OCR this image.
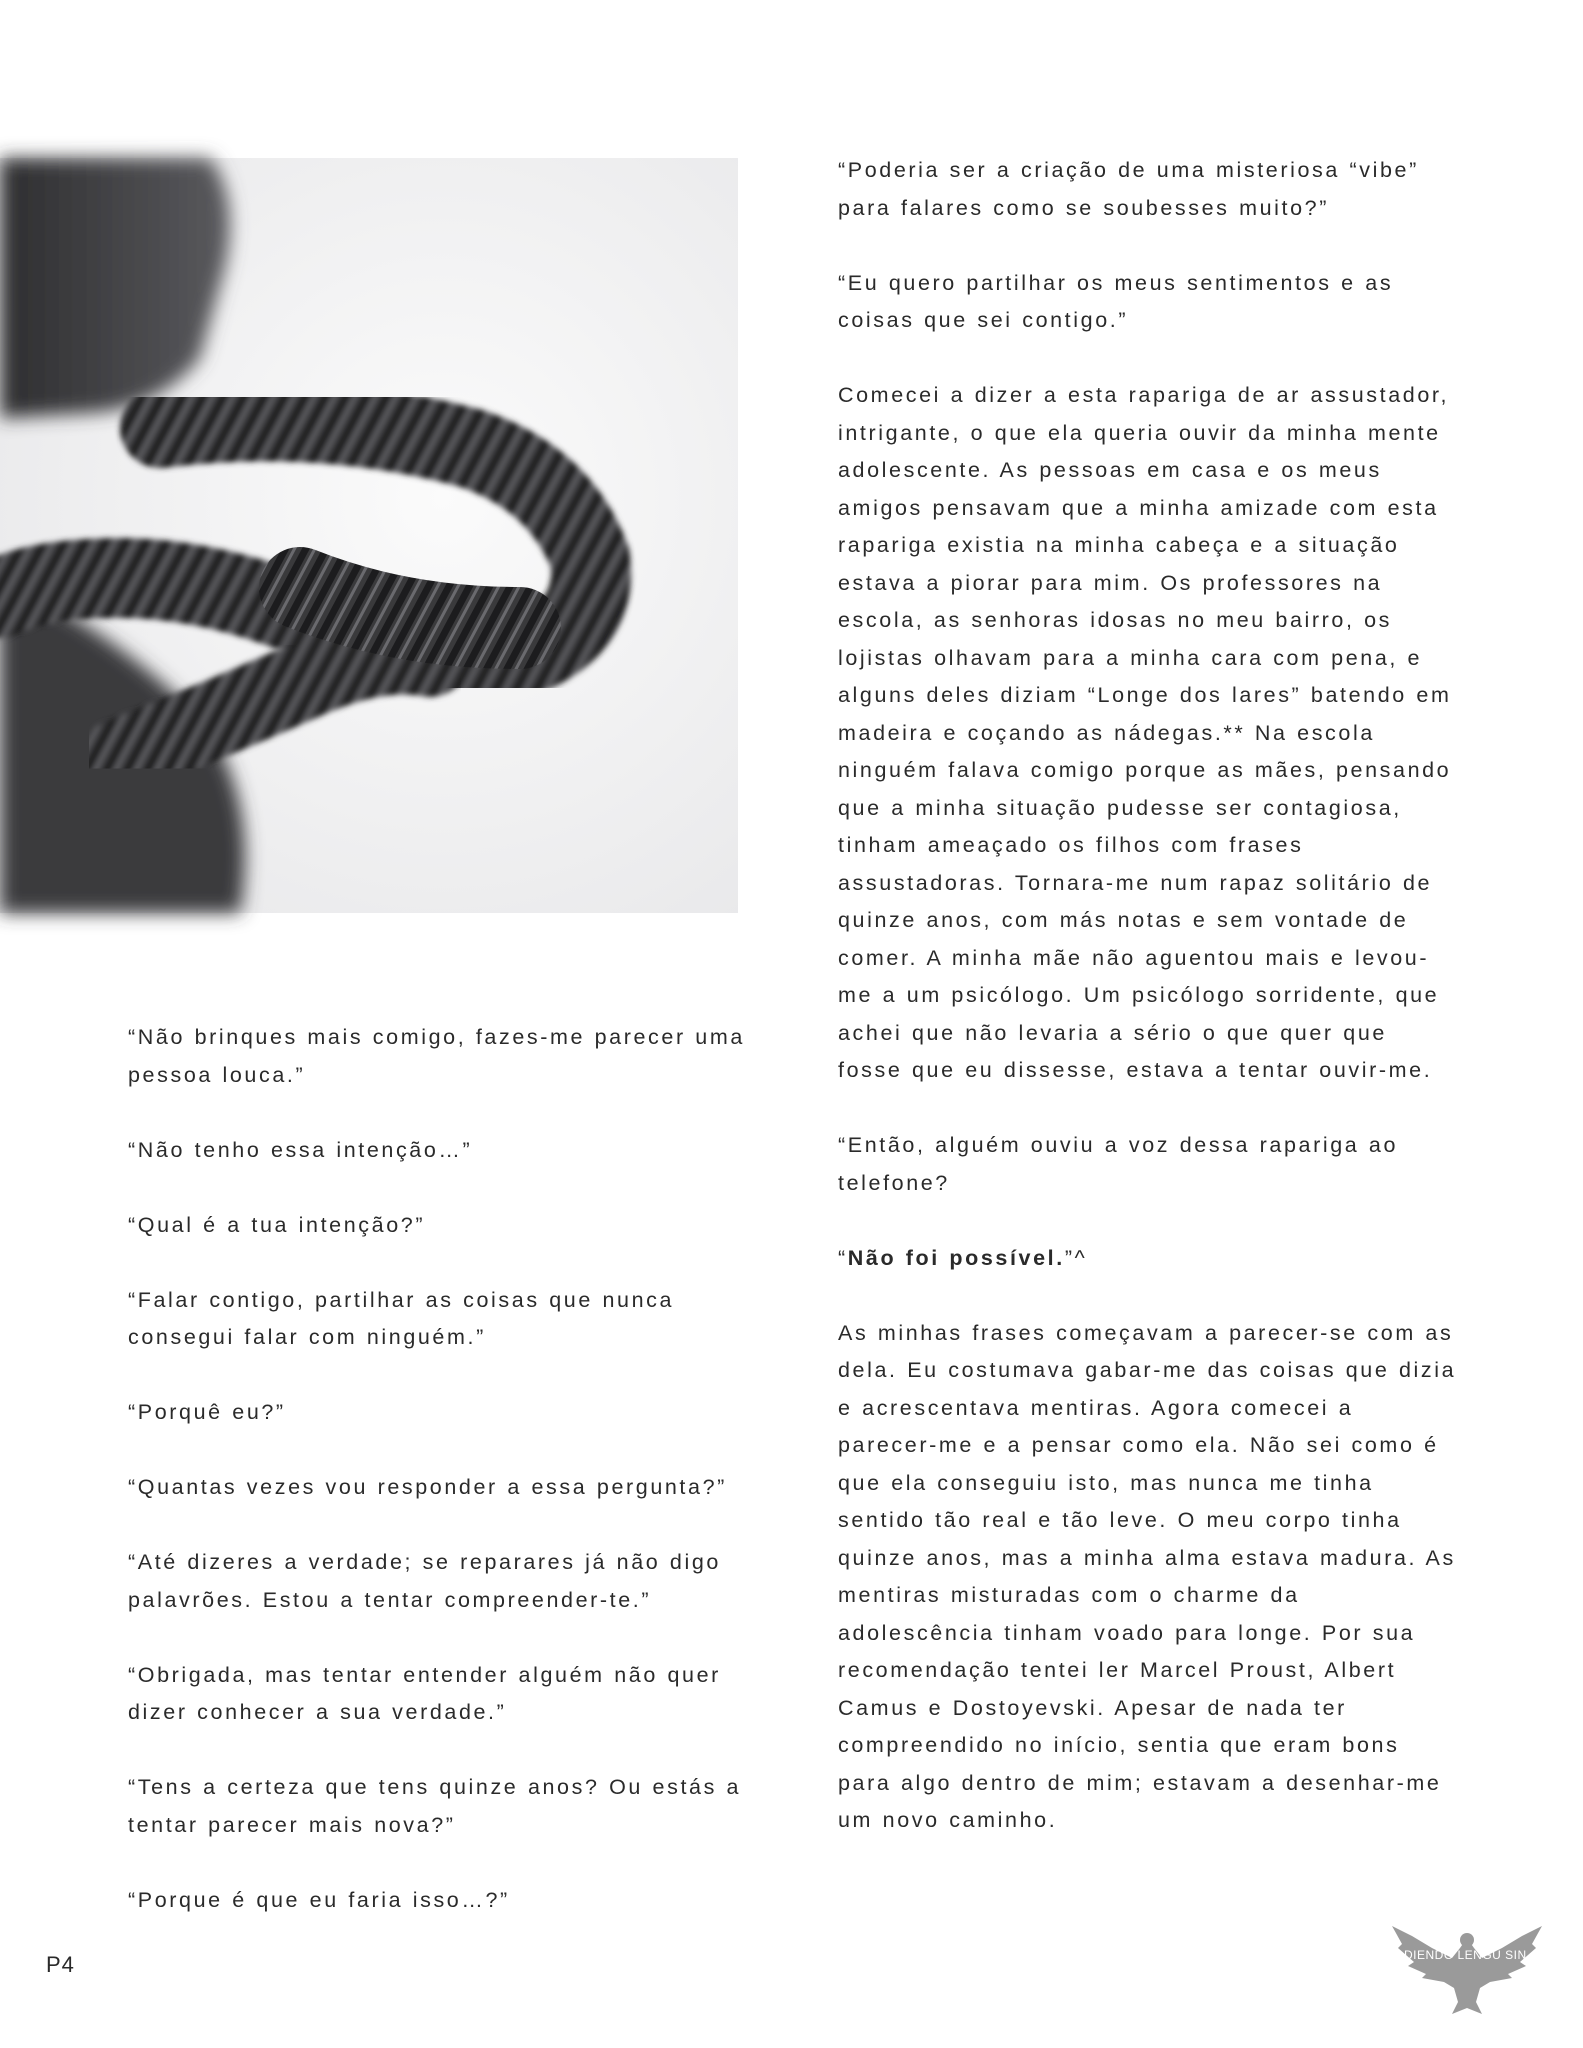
“Não brinques mais comigo, fazes-me parecer uma pessoa louca.”

“Não tenho essa intenção…”

“Qual é a tua intenção?”

“Falar contigo, partilhar as coisas que nunca consegui falar com ninguém.”

“Porquê eu?”

“Quantas vezes vou responder a essa pergunta?”

“Até dizeres a verdade; se reparares já não digo palavrões. Estou a tentar compreender-te.”

“Obrigada, mas tentar entender alguém não quer dizer conhecer a sua verdade.”

“Tens a certeza que tens quinze anos? Ou estás a tentar parecer mais nova?”

“Porque é que eu faria isso…?”

“Poderia ser a criação de uma misteriosa “vibe” para falares como se soubesses muito?”

“Eu quero partilhar os meus sentimentos e as coisas que sei contigo.”

Comecei a dizer a esta rapariga de ar assustador, intrigante, o que ela queria ouvir da minha mente adolescente. As pessoas em casa e os meus amigos pensavam que a minha amizade com esta rapariga existia na minha cabeça e a situação estava a piorar para mim. Os professores na escola, as senhoras idosas no meu bairro, os lojistas olhavam para a minha cara com pena, e alguns deles diziam “Longe dos lares” batendo em madeira e coçando as nádegas.** Na escola ninguém falava comigo porque as mães, pensando que a minha situação pudesse ser contagiosa, tinham ameaçado os filhos com frases assustadoras. Tornara-me num rapaz solitário de quinze anos, com más notas e sem vontade de comer. A minha mãe não aguentou mais e levou-me a um psicólogo. Um psicólogo sorridente, que achei que não levaria a sério o que quer que fosse que eu dissesse, estava a tentar ouvir-me.

“Então, alguém ouviu a voz dessa rapariga ao telefone?

“Não foi possível.”^

As minhas frases começavam a parecer-se com as dela. Eu costumava gabar-me das coisas que dizia e acrescentava mentiras. Agora comecei a parecer-me e a pensar como ela. Não sei como é que ela conseguiu isto, mas nunca me tinha sentido tão real e tão leve. O meu corpo tinha quinze anos, mas a minha alma estava madura. As mentiras misturadas com o charme da adolescência tinham voado para longe. Por sua recomendação tentei ler Marcel Proust, Albert Camus e Dostoyevski. Apesar de nada ter compreendido no início, sentia que eram bons para algo dentro de mim; estavam a desenhar-me um novo caminho.

P4	DIENDO LENGU SIN AKYU 70
